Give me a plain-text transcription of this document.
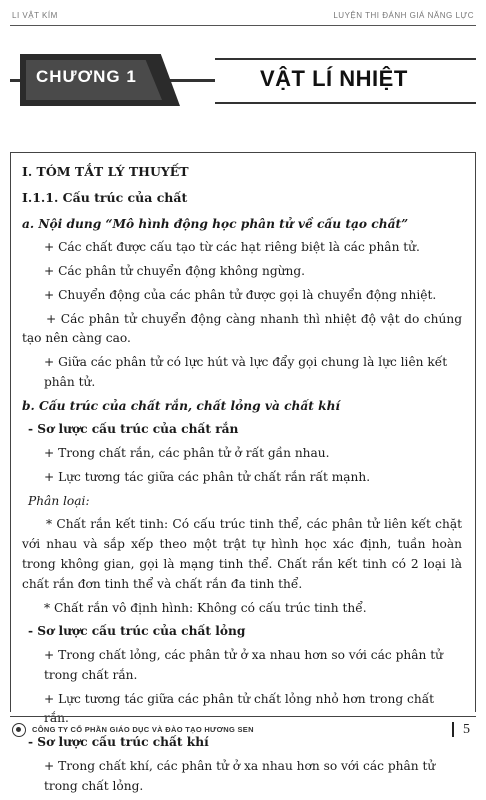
LI VẬT KÍM	LUYỆN THI ĐÁNH GIÁ NĂNG LỰC
CHƯƠNG 1	VẬT LÍ NHIỆT

I. TÓM TẮT LÝ THUYẾT

I.1.1. Cấu trúc của chất

a. Nội dung “Mô hình động học phân tử về cấu tạo chất”

+ Các chất được cấu tạo từ các hạt riêng biệt là các phân tử.

+ Các phân tử chuyển động không ngừng.

+ Chuyển động của các phân tử được gọi là chuyển động nhiệt.

+ Các phân tử chuyển động càng nhanh thì nhiệt độ vật do chúng tạo nên càng cao.

+ Giữa các phân tử có lực hút và lực đẩy gọi chung là lực liên kết phân tử.

b. Cấu trúc của chất rắn, chất lỏng và chất khí

- Sơ lược cấu trúc của chất rắn

+ Trong chất rắn, các phân tử ở rất gần nhau.

+ Lực tương tác giữa các phân tử chất rắn rất mạnh.

Phân loại:

* Chất rắn kết tinh: Có cấu trúc tinh thể, các phân tử liên kết chặt với nhau và sắp xếp theo một trật tự hình học xác định, tuần hoàn trong không gian, gọi là mạng tinh thể. Chất rắn kết tinh có 2 loại là chất rắn đơn tinh thể và chất rắn đa tinh thể.

* Chất rắn vô định hình: Không có cấu trúc tinh thể.

- Sơ lược cấu trúc của chất lỏng

+ Trong chất lỏng, các phân tử ở xa nhau hơn so với các phân tử trong chất rắn.

+ Lực tương tác giữa các phân tử chất lỏng nhỏ hơn trong chất rắn.

- Sơ lược cấu trúc chất khí

+ Trong chất khí, các phân tử ở xa nhau hơn so với các phân tử trong chất lỏng.

CÔNG TY CỔ PHẦN GIÁO DỤC VÀ ĐÀO TẠO HƯƠNG SEN	5
